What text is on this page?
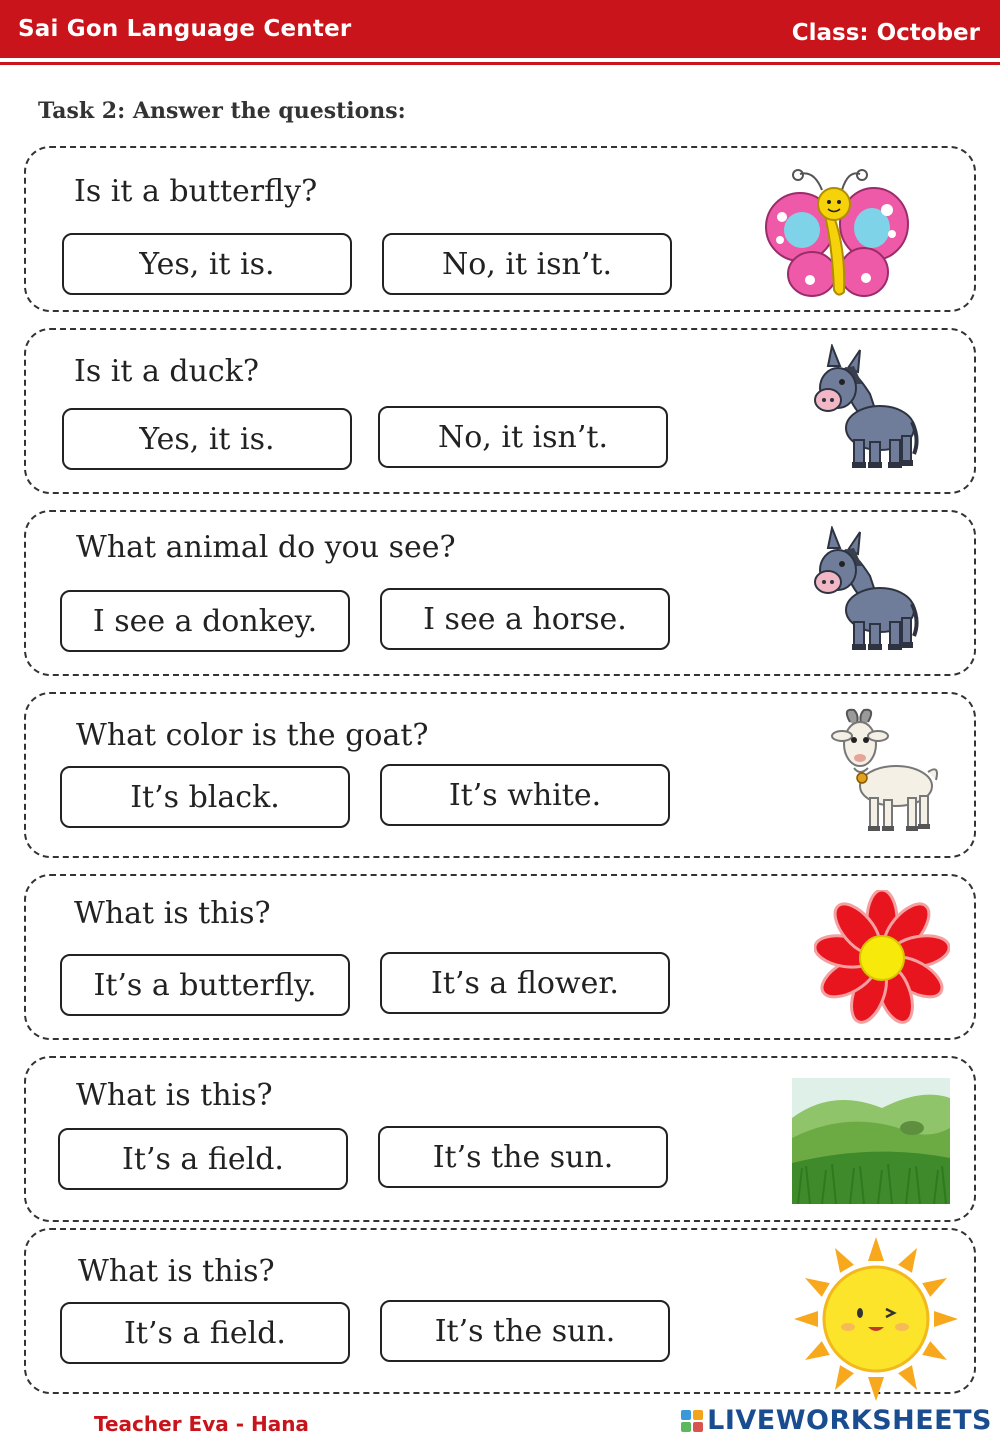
Sai Gon Language Center	Class: October
Task 2: Answer the questions:
Is it a butterfly?
Yes, it is.	No, it isn’t.
Is it a duck?
Yes, it is.	No, it isn’t.
What animal do you see?
I see a donkey.	I see a horse.
What color is the goat?
It’s black.	It’s white.
What is this?
It’s a butterfly.	It’s a flower.
What is this?
It’s a field.	It’s the sun.
What is this?
It’s a field.	It’s the sun.
Teacher Eva - Hana	LIVEWORKSHEETS
